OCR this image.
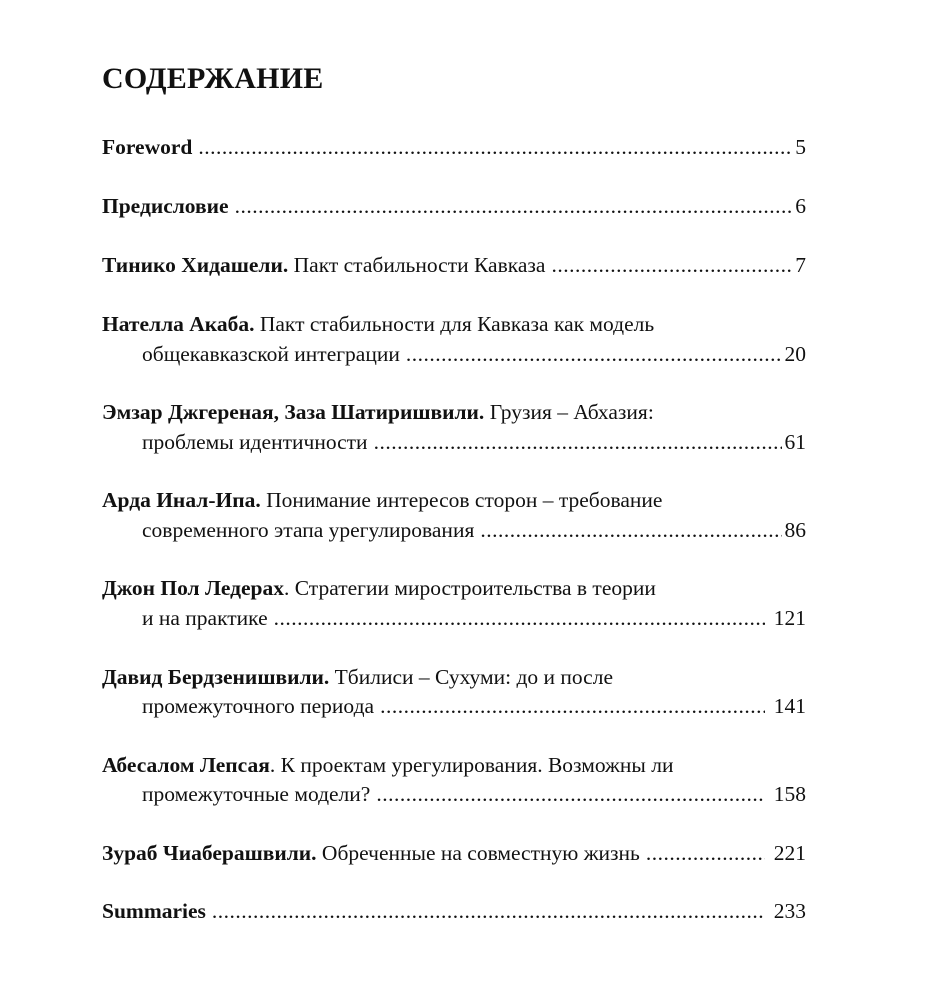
СОДЕРЖАНИЕ
Foreword .....	5
Предисловие .....	6
Тинико Хидашели. Пакт стабильности Кавказа .....	7
Нателла Акаба. Пакт стабильности для Кавказа как модель
общекавказской интеграции .....	20
Эмзар Джгереная, Заза Шатиришвили. Грузия – Абхазия:
проблемы идентичности .....	61
Арда Инал-Ипа. Понимание интересов сторон – требование
современного этапа урегулирования .....	86
Джон Пол Ледерах. Стратегии миростроительства в теории
и на практике .....	121
Давид Бердзенишвили. Тбилиси – Сухуми: до и после
промежуточного периода .....	141
Абесалом Лепсая. К проектам урегулирования. Возможны ли
промежуточные модели? .....	158
Зураб Чиаберашвили. Обреченные на совместную жизнь .....	221
Summaries .....	233
